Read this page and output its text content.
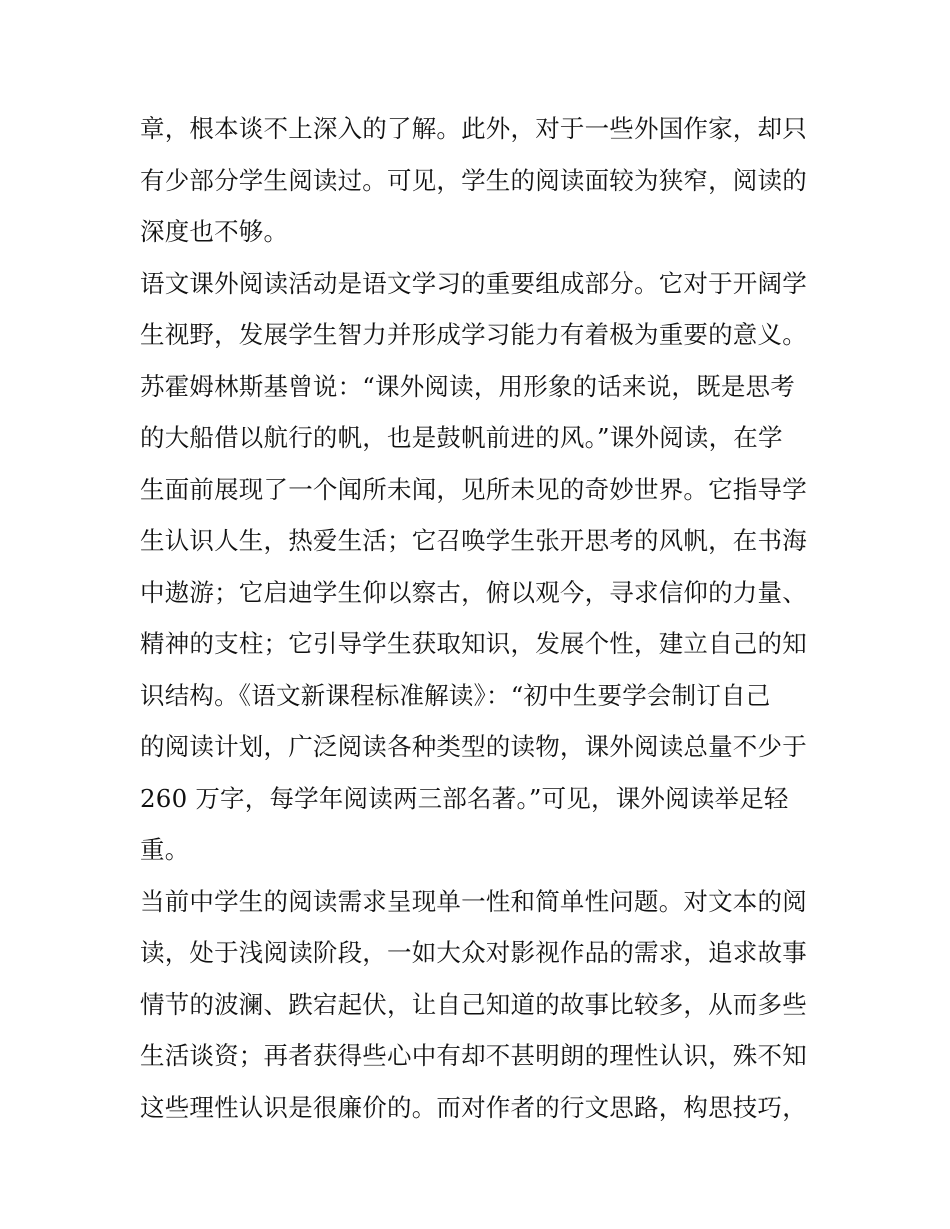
章，根本谈不上深入的了解。此外，对于一些外国作家，却只
有少部分学生阅读过。可见，学生的阅读面较为狭窄，阅读的
深度也不够。
语文课外阅读活动是语文学习的重要组成部分。它对于开阔学
生视野，发展学生智力并形成学习能力有着极为重要的意义。
苏霍姆林斯基曾说：“课外阅读，用形象的话来说，既是思考
的大船借以航行的帆，也是鼓帆前进的风。”课外阅读，在学
生面前展现了一个闻所未闻，见所未见的奇妙世界。它指导学
生认识人生，热爱生活；它召唤学生张开思考的风帆，在书海
中遨游；它启迪学生仰以察古，俯以观今，寻求信仰的力量、
精神的支柱；它引导学生获取知识，发展个性，建立自己的知
识结构。《语文新课程标准解读》：“初中生要学会制订自己
的阅读计划，广泛阅读各种类型的读物，课外阅读总量不少于
260 万字，每学年阅读两三部名著。”可见，课外阅读举足轻
重。
当前中学生的阅读需求呈现单一性和简单性问题。对文本的阅
读，处于浅阅读阶段，一如大众对影视作品的需求，追求故事
情节的波澜、跌宕起伏，让自己知道的故事比较多，从而多些
生活谈资；再者获得些心中有却不甚明朗的理性认识，殊不知
这些理性认识是很廉价的。而对作者的行文思路，构思技巧，
